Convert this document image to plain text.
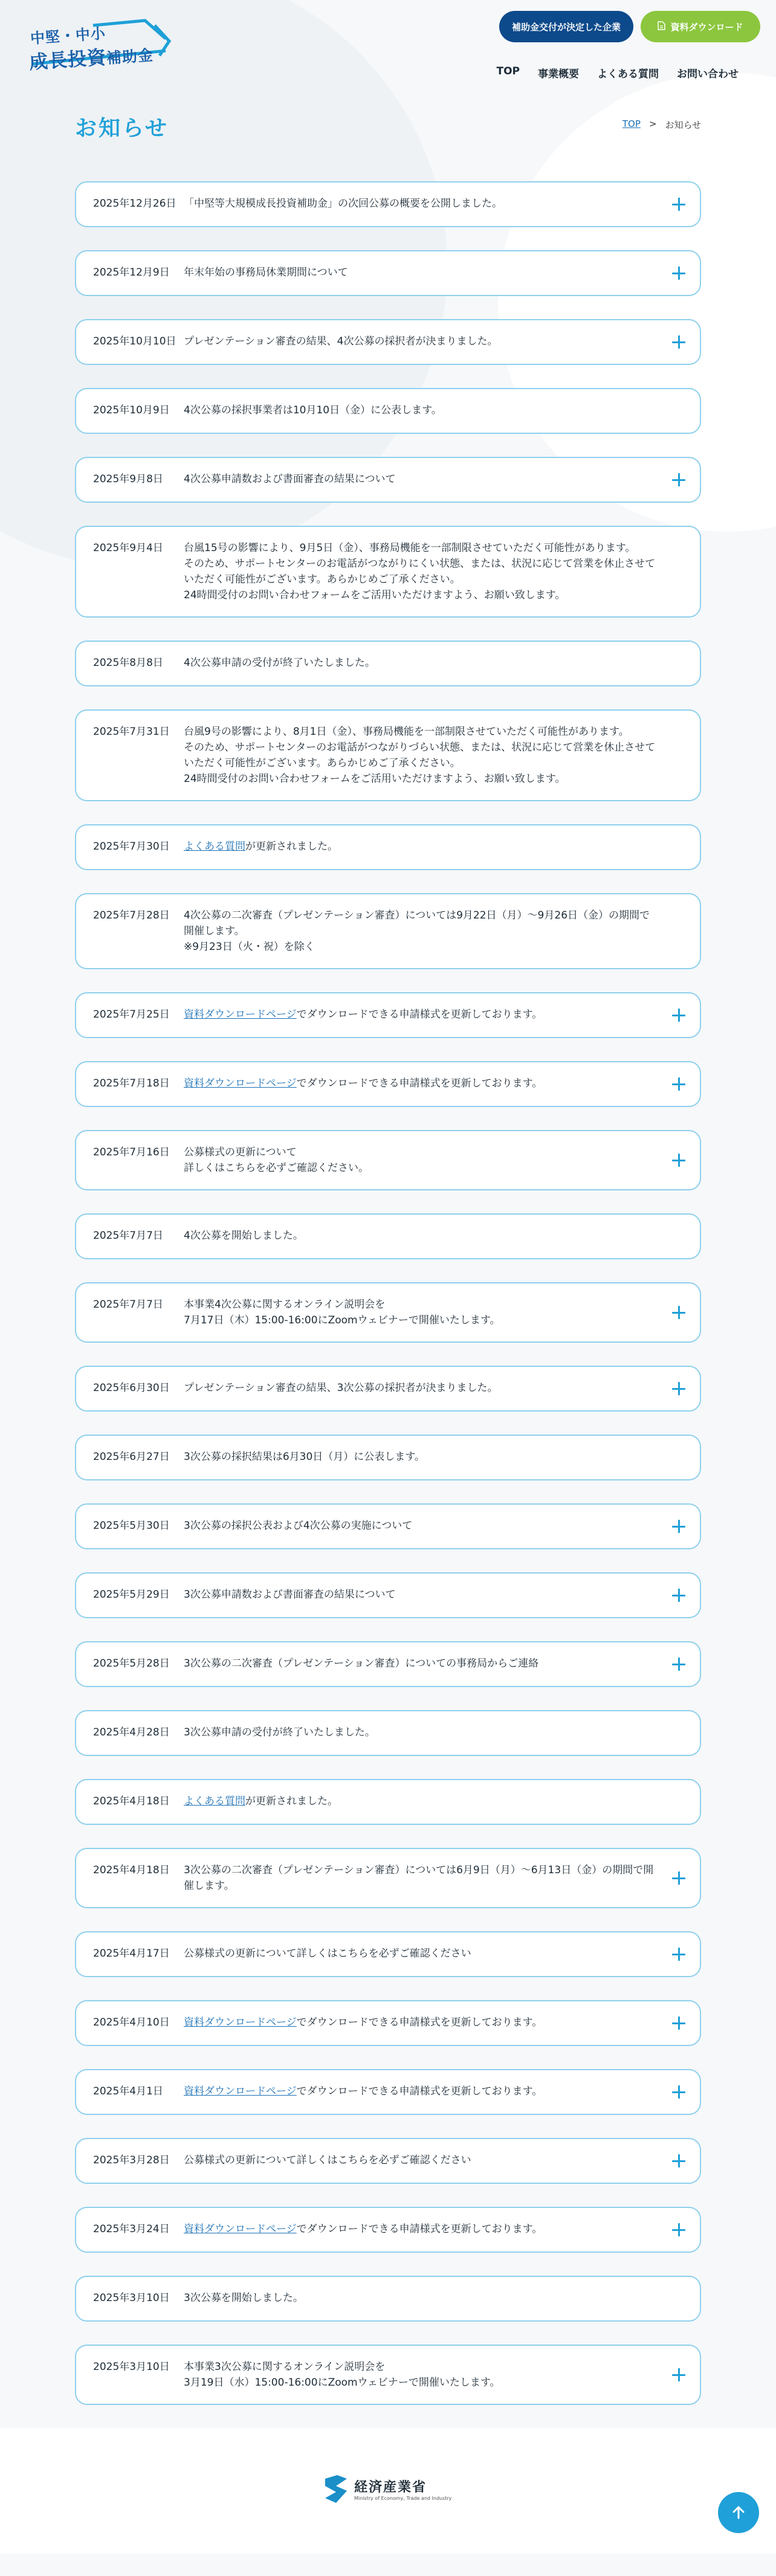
中堅・中小
成長投資補助金
補助金交付が決定した企業	資料ダウンロード
TOP 事業概要 よくある質問 お問い合わせ
お知らせ	TOP > お知らせ
2025年12月26日 「中堅等大規模成長投資補助金」の次回公募の概要を公開しました。
2025年12月9日	年末年始の事務局休業期間について
2025年10月10日 プレゼンテーション審査の結果、4次公募の採択者が決まりました。
2025年10月9日	4次公募の採択事業者は10月10日（金）に公表します。
2025年9月8日	4次公募申請数および書面審査の結果について
2025年9月4日	台風15号の影響により、9月5日（金）、事務局機能を一部制限させていただく可能性があります。
そのため、サポートセンターのお電話がつながりにくい状態、または、状況に応じて営業を休止させていただく可能性がございます。あらかじめご了承ください。
24時間受付のお問い合わせフォームをご活用いただけますよう、お願い致します。
2025年8月8日	4次公募申請の受付が終了いたしました。
2025年7月31日	台風9号の影響により、8月1日（金）、事務局機能を一部制限させていただく可能性があります。
そのため、サポートセンターのお電話がつながりづらい状態、または、状況に応じて営業を休止させていただく可能性がございます。あらかじめご了承ください。
24時間受付のお問い合わせフォームをご活用いただけますよう、お願い致します。
2025年7月30日	よくある質問が更新されました。
2025年7月28日	4次公募の二次審査（プレゼンテーション審査）については9月22日（月）〜9月26日（金）の期間で開催します。
※9月23日（火・祝）を除く
2025年7月25日	資料ダウンロードページでダウンロードできる申請様式を更新しております。
2025年7月18日	資料ダウンロードページでダウンロードできる申請様式を更新しております。
2025年7月16日	公募様式の更新について
詳しくはこちらを必ずご確認ください。
2025年7月7日	4次公募を開始しました。
2025年7月7日	本事業4次公募に関するオンライン説明会を
7月17日（木）15:00-16:00にZoomウェビナーで開催いたします。
2025年6月30日	プレゼンテーション審査の結果、3次公募の採択者が決まりました。
2025年6月27日	3次公募の採択結果は6月30日（月）に公表します。
2025年5月30日	3次公募の採択公表および4次公募の実施について
2025年5月29日	3次公募申請数および書面審査の結果について
2025年5月28日	3次公募の二次審査（プレゼンテーション審査）についての事務局からご連絡
2025年4月28日	3次公募申請の受付が終了いたしました。
2025年4月18日	よくある質問が更新されました。
2025年4月18日	3次公募の二次審査（プレゼンテーション審査）については6月9日（月）〜6月13日（金）の期間で開催します。
2025年4月17日	公募様式の更新について詳しくはこちらを必ずご確認ください
2025年4月10日	資料ダウンロードページでダウンロードできる申請様式を更新しております。
2025年4月1日	資料ダウンロードページでダウンロードできる申請様式を更新しております。
2025年3月28日	公募様式の更新について詳しくはこちらを必ずご確認ください
2025年3月24日	資料ダウンロードページでダウンロードできる申請様式を更新しております。
2025年3月10日	3次公募を開始しました。
2025年3月10日	本事業3次公募に関するオンライン説明会を
3月19日（水）15:00-16:00にZoomウェビナーで開催いたします。
経済産業省
Ministry of Economy, Trade and Industry
